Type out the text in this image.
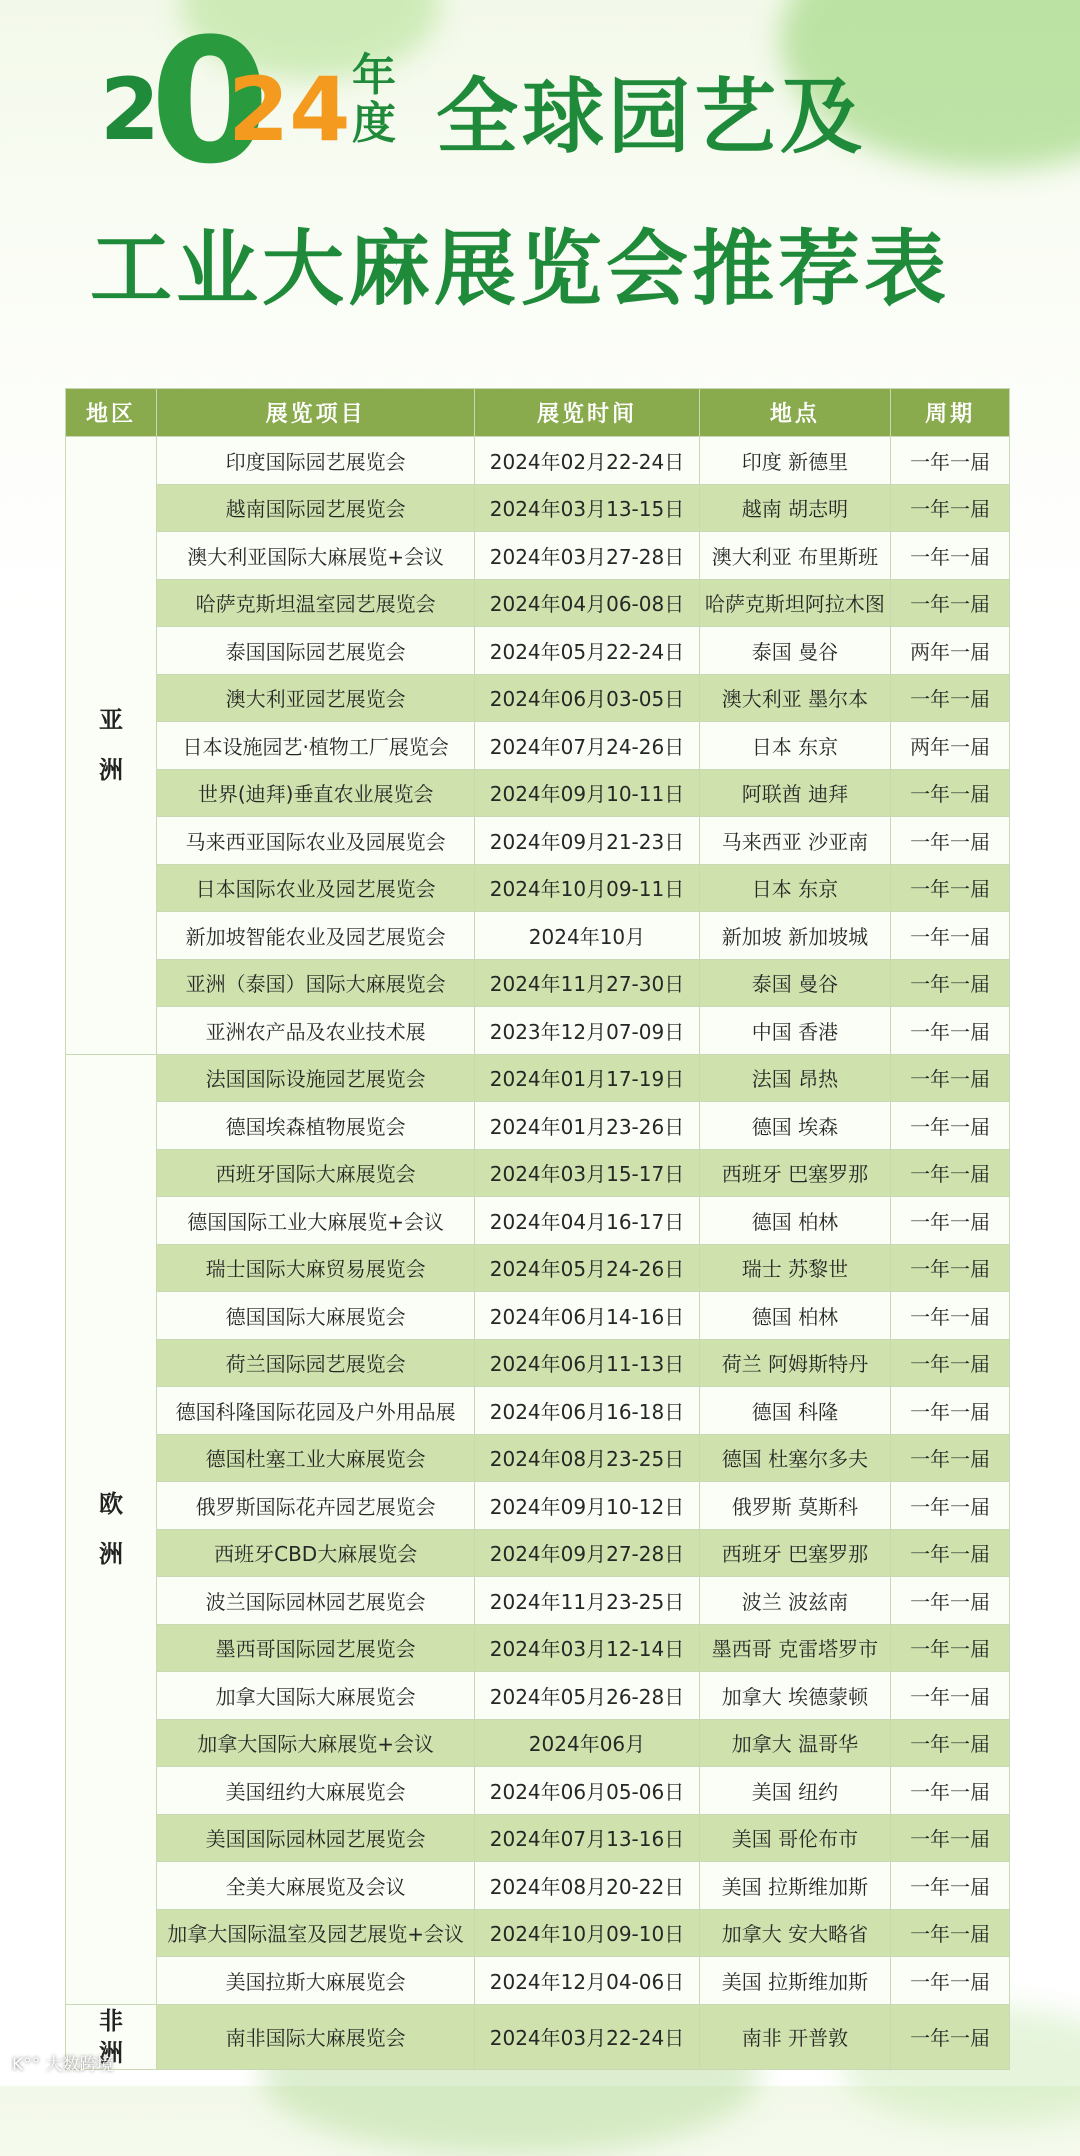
2
0
24 年度 全球园艺及
工业大麻展览会推荐表
地区	展览项目	展览时间	地点	周期
亚洲	印度国际园艺展览会	2024年02月22-24日	印度 新德里	一年一届
	越南国际园艺展览会	2024年03月13-15日	越南 胡志明	一年一届
	澳大利亚国际大麻展览+会议	2024年03月27-28日	澳大利亚 布里斯班	一年一届
	哈萨克斯坦温室园艺展览会	2024年04月06-08日	哈萨克斯坦阿拉木图	一年一届
	泰国国际园艺展览会	2024年05月22-24日	泰国 曼谷	两年一届
	澳大利亚园艺展览会	2024年06月03-05日	澳大利亚 墨尔本	一年一届
	日本设施园艺·植物工厂展览会	2024年07月24-26日	日本 东京	两年一届
	世界(迪拜)垂直农业展览会	2024年09月10-11日	阿联酋 迪拜	一年一届
	马来西亚国际农业及园展览会	2024年09月21-23日	马来西亚 沙亚南	一年一届
	日本国际农业及园艺展览会	2024年10月09-11日	日本 东京	一年一届
	新加坡智能农业及园艺展览会	2024年10月	新加坡 新加坡城	一年一届
	亚洲（泰国）国际大麻展览会	2024年11月27-30日	泰国 曼谷	一年一届
	亚洲农产品及农业技术展	2023年12月07-09日	中国 香港	一年一届
欧洲	法国国际设施园艺展览会	2024年01月17-19日	法国 昂热	一年一届
	德国埃森植物展览会	2024年01月23-26日	德国 埃森	一年一届
	西班牙国际大麻展览会	2024年03月15-17日	西班牙 巴塞罗那	一年一届
	德国国际工业大麻展览+会议	2024年04月16-17日	德国 柏林	一年一届
	瑞士国际大麻贸易展览会	2024年05月24-26日	瑞士 苏黎世	一年一届
	德国国际大麻展览会	2024年06月14-16日	德国 柏林	一年一届
	荷兰国际园艺展览会	2024年06月11-13日	荷兰 阿姆斯特丹	一年一届
	德国科隆国际花园及户外用品展	2024年06月16-18日	德国 科隆	一年一届
	德国杜塞工业大麻展览会	2024年08月23-25日	德国 杜塞尔多夫	一年一届
	俄罗斯国际花卉园艺展览会	2024年09月10-12日	俄罗斯 莫斯科	一年一届
	西班牙CBD大麻展览会	2024年09月27-28日	西班牙 巴塞罗那	一年一届
	波兰国际园林园艺展览会	2024年11月23-25日	波兰 波兹南	一年一届
	墨西哥国际园艺展览会	2024年03月12-14日	墨西哥 克雷塔罗市	一年一届
	加拿大国际大麻展览会	2024年05月26-28日	加拿大 埃德蒙顿	一年一届
	加拿大国际大麻展览+会议	2024年06月	加拿大 温哥华	一年一届
	美国纽约大麻展览会	2024年06月05-06日	美国 纽约	一年一届
	美国国际园林园艺展览会	2024年07月13-16日	美国 哥伦布市	一年一届
	全美大麻展览及会议	2024年08月20-22日	美国 拉斯维加斯	一年一届
	加拿大国际温室及园艺展览+会议	2024年10月09-10日	加拿大 安大略省	一年一届
	美国拉斯大麻展览会	2024年12月04-06日	美国 拉斯维加斯	一年一届
非洲	南非国际大麻展览会	2024年03月22-24日	南非 开普敦	一年一届
K°° 大数跨境
